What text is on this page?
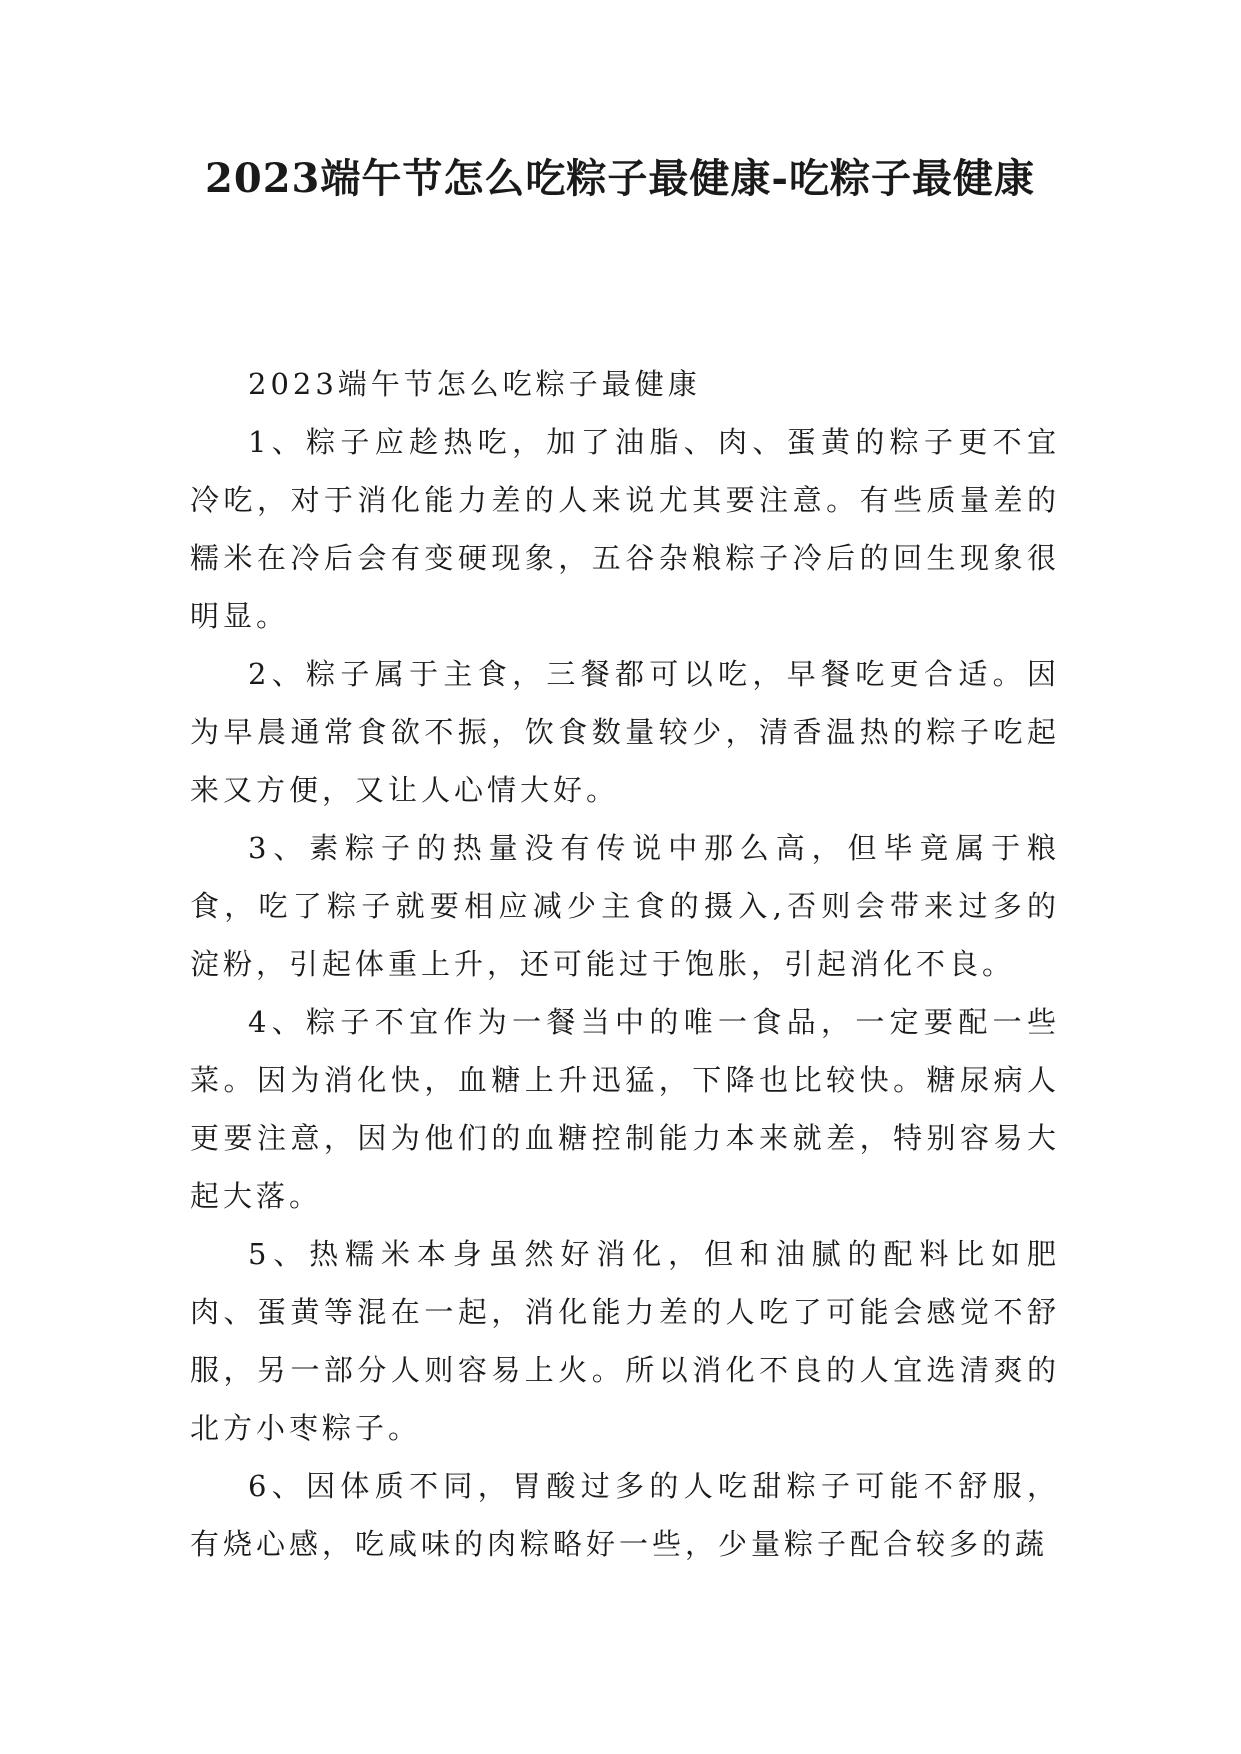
2023端午节怎么吃粽子最健康-吃粽子最健康

2023端午节怎么吃粽子最健康

1、粽子应趁热吃，加了油脂、肉、蛋黄的粽子更不宜冷吃，对于消化能力差的人来说尤其要注意。有些质量差的糯米在冷后会有变硬现象，五谷杂粮粽子冷后的回生现象很明显。

2、粽子属于主食，三餐都可以吃，早餐吃更合适。因为早晨通常食欲不振，饮食数量较少，清香温热的粽子吃起来又方便，又让人心情大好。

3、素粽子的热量没有传说中那么高，但毕竟属于粮食，吃了粽子就要相应减少主食的摄入,否则会带来过多的淀粉，引起体重上升，还可能过于饱胀，引起消化不良。

4、粽子不宜作为一餐当中的唯一食品，一定要配一些菜。因为消化快，血糖上升迅猛，下降也比较快。糖尿病人更要注意，因为他们的血糖控制能力本来就差，特别容易大起大落。

5、热糯米本身虽然好消化，但和油腻的配料比如肥肉、蛋黄等混在一起，消化能力差的人吃了可能会感觉不舒服，另一部分人则容易上火。所以消化不良的人宜选清爽的北方小枣粽子。

6、因体质不同，胃酸过多的人吃甜粽子可能不舒服，有烧心感，吃咸味的肉粽略好一些，少量粽子配合较多的蔬
